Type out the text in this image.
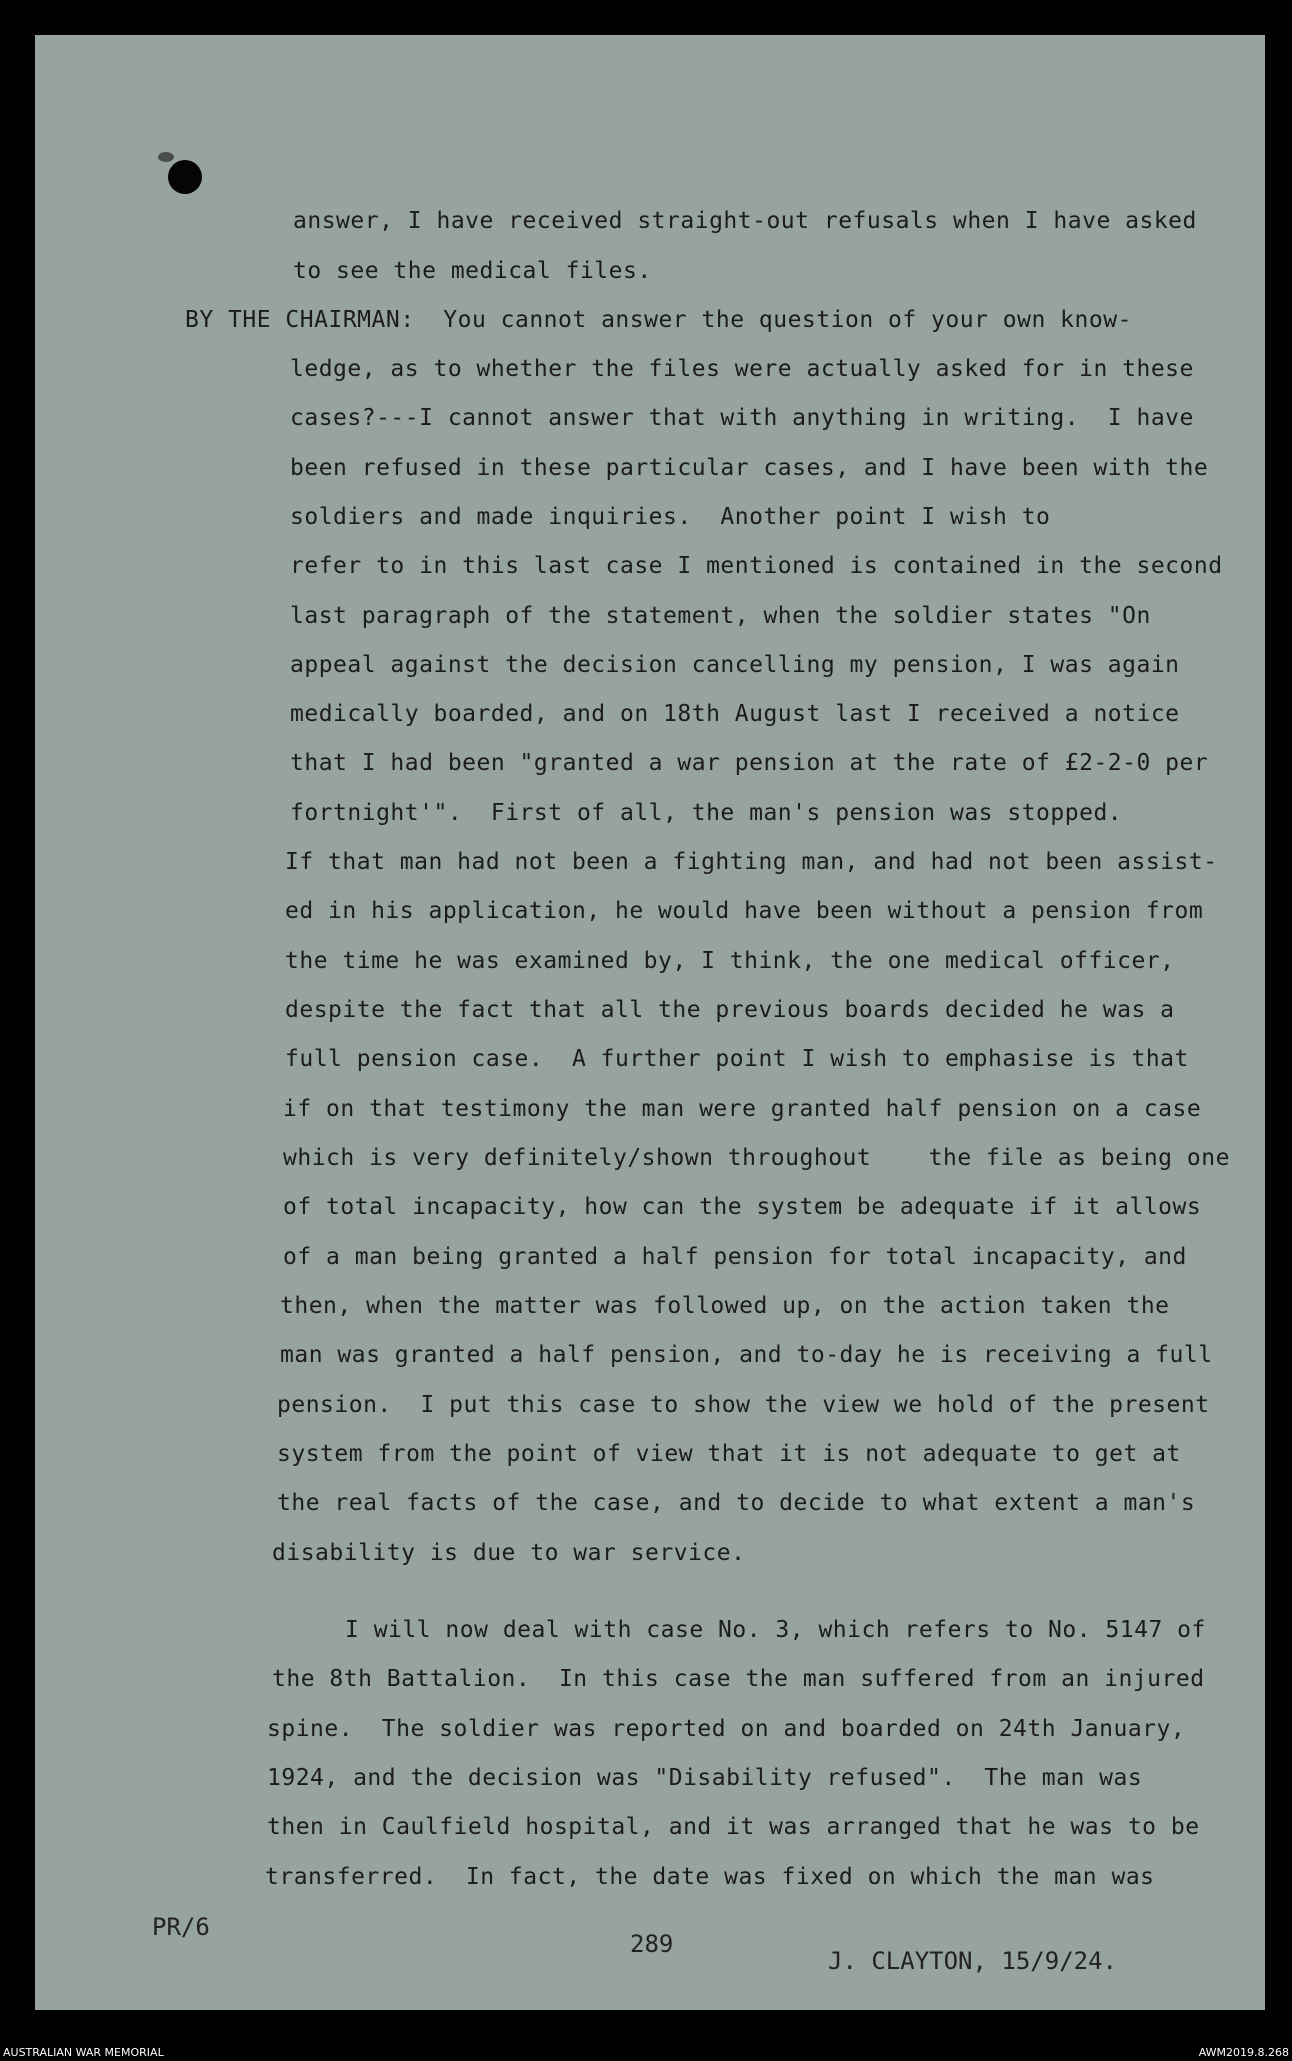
answer, I have received straight-out refusals when I have asked
to see the medical files.
BY THE CHAIRMAN:  You cannot answer the question of your own know-
ledge, as to whether the files were actually asked for in these
cases?---I cannot answer that with anything in writing.  I have
been refused in these particular cases, and I have been with the
soldiers and made inquiries.  Another point I wish to
refer to in this last case I mentioned is contained in the second
last paragraph of the statement, when the soldier states "On
appeal against the decision cancelling my pension, I was again
medically boarded, and on 18th August last I received a notice
that I had been "granted a war pension at the rate of £2-2-0 per
fortnight'".  First of all, the man's pension was stopped.
If that man had not been a fighting man, and had not been assist-
ed in his application, he would have been without a pension from
the time he was examined by, I think, the one medical officer,
despite the fact that all the previous boards decided he was a
full pension case.  A further point I wish to emphasise is that
if on that testimony the man were granted half pension on a case
which is very definitely/shown throughout    the file as being one
of total incapacity, how can the system be adequate if it allows
of a man being granted a half pension for total incapacity, and
then, when the matter was followed up, on the action taken the
man was granted a half pension, and to-day he is receiving a full
pension.  I put this case to show the view we hold of the present
system from the point of view that it is not adequate to get at
the real facts of the case, and to decide to what extent a man's
disability is due to war service.
I will now deal with case No. 3, which refers to No. 5147 of
the 8th Battalion.  In this case the man suffered from an injured
spine.  The soldier was reported on and boarded on 24th January,
1924, and the decision was "Disability refused".  The man was
then in Caulfield hospital, and it was arranged that he was to be
transferred.  In fact, the date was fixed on which the man was
PR/6
289
J. CLAYTON, 15/9/24.
AUSTRALIAN WAR MEMORIAL	AWM2019.8.268
